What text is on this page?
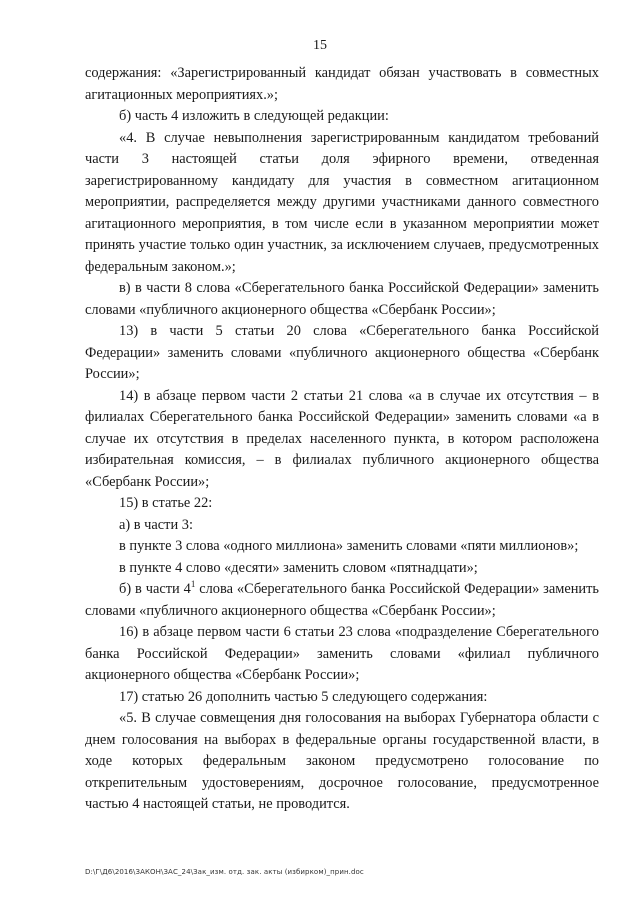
15

содержания: «Зарегистрированный кандидат обязан участвовать в совместных агитационных мероприятиях.»;

б) часть 4 изложить в следующей редакции:

«4. В случае невыполнения зарегистрированным кандидатом требований части 3 настоящей статьи доля эфирного времени, отведенная зарегистрированному кандидату для участия в совместном агитационном мероприятии, распределяется между другими участниками данного совместного агитационного мероприятия, в том числе если в указанном мероприятии может принять участие только один участник, за исключением случаев, предусмотренных федеральным законом.»;

в) в части 8 слова «Сберегательного банка Российской Федерации» заменить словами «публичного акционерного общества «Сбербанк России»;

13) в части 5 статьи 20 слова «Сберегательного банка Российской Федерации» заменить словами «публичного акционерного общества «Сбербанк России»;

14) в абзаце первом части 2 статьи 21 слова «а в случае их отсутствия – в филиалах Сберегательного банка Российской Федерации» заменить словами «а в случае их отсутствия в пределах населенного пункта, в котором расположена избирательная комиссия, – в филиалах публичного акционерного общества «Сбербанк России»;

15) в статье 22:

а) в части 3:

в пункте 3 слова «одного миллиона» заменить словами «пяти миллионов»;

в пункте 4 слово «десяти» заменить словом «пятнадцати»;

б) в части $4^1$ слова «Сберегательного банка Российской Федерации» заменить словами «публичного акционерного общества «Сбербанк России»;

16) в абзаце первом части 6 статьи 23 слова «подразделение Сберегательного банка Российской Федерации» заменить словами «филиал публичного акционерного общества «Сбербанк России»;

17) статью 26 дополнить частью 5 следующего содержания:

«5. В случае совмещения дня голосования на выборах Губернатора области с днем голосования на выборах в федеральные органы государственной власти, в ходе которых федеральным законом предусмотрено голосование по открепительным удостоверениям, досрочное голосование, предусмотренное частью 4 настоящей статьи, не проводится.

D:\Г\Д6\2016\ЗАКОН\ЗАС_24\Зак_изм. отд. зак. акты (избирком)_прин.doc
